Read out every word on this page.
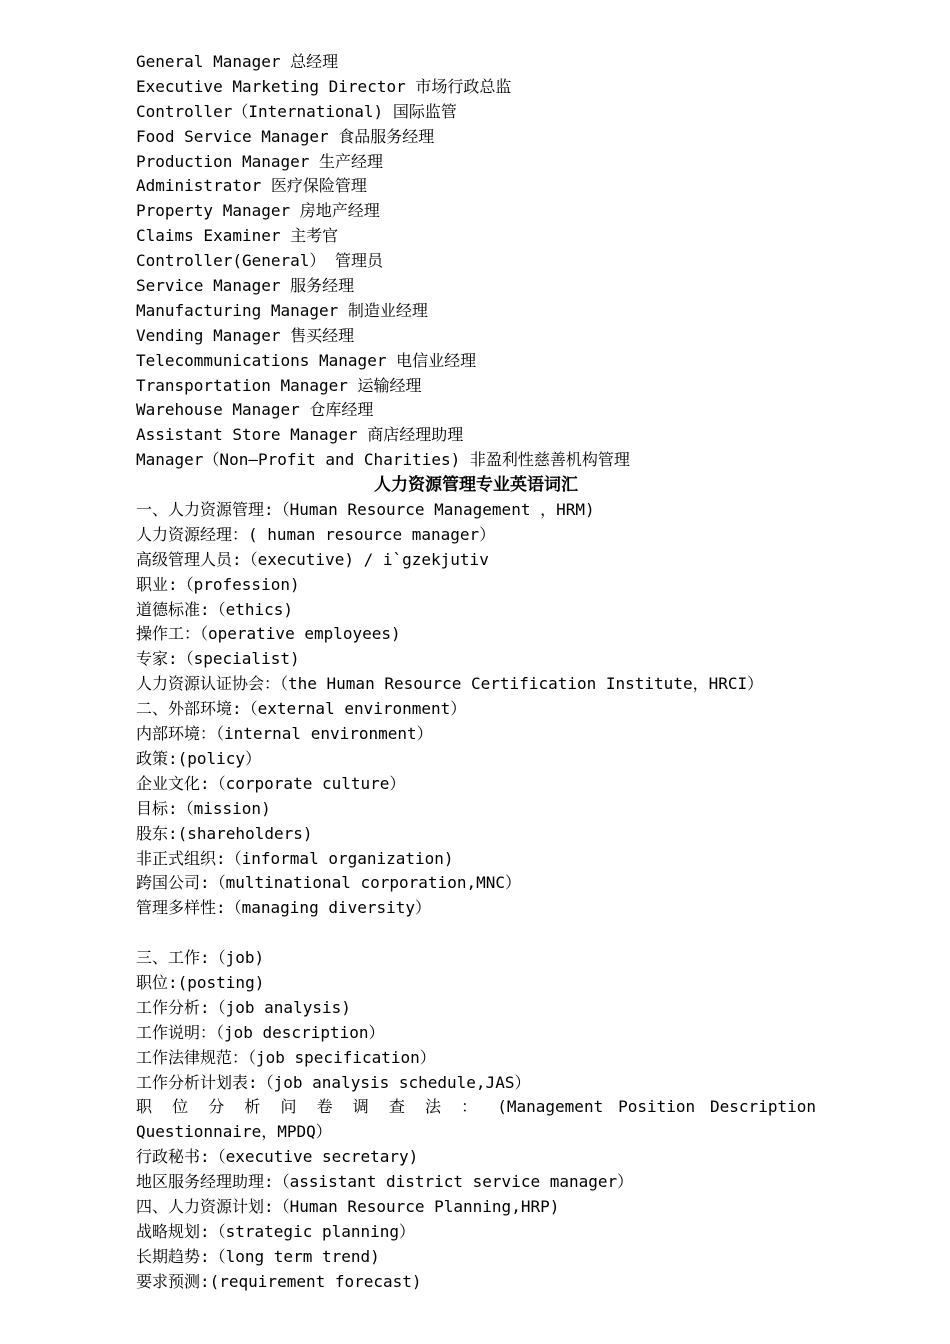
General Manager 总经理
Executive Marketing Director 市场行政总监
Controller（International) 国际监管
Food Service Manager 食品服务经理
Production Manager 生产经理
Administrator 医疗保险管理
Property Manager 房地产经理
Claims Examiner 主考官
Controller(General） 管理员
Service Manager 服务经理
Manufacturing Manager 制造业经理
Vending Manager 售买经理
Telecommunications Manager 电信业经理
Transportation Manager 运输经理
Warehouse Manager 仓库经理
Assistant Store Manager 商店经理助理
Manager（Non—Profit and Charities) 非盈利性慈善机构管理
人力资源管理专业英语词汇
一、人力资源管理:（Human Resource Management ，HRM)
人力资源经理：( human resource manager）
高级管理人员:（executive) / i`gzekjutiv
职业:（profession)
道德标准:（ethics)
操作工：（operative employees)
专家:（specialist)
人力资源认证协会：（the Human Resource Certification Institute，HRCI）
二、外部环境:（external environment）
内部环境：（internal environment）
政策:(policy）
企业文化:（corporate culture）
目标:（mission)
股东:(shareholders)
非正式组织:（informal organization)
跨国公司:（multinational corporation,MNC）
管理多样性:（managing diversity）
三、工作:（job)
职位:(posting)
工作分析:（job analysis)
工作说明：（job description）
工作法律规范：（job specification）
工作分析计划表:（job analysis schedule,JAS）
职 位 分 析 问 卷 调 查 法 ： (Management Position Description
Questionnaire，MPDQ）
行政秘书:（executive secretary)
地区服务经理助理:（assistant district service manager）
四、人力资源计划:（Human Resource Planning,HRP)
战略规划:（strategic planning）
长期趋势:（long term trend)
要求预测:(requirement forecast)
